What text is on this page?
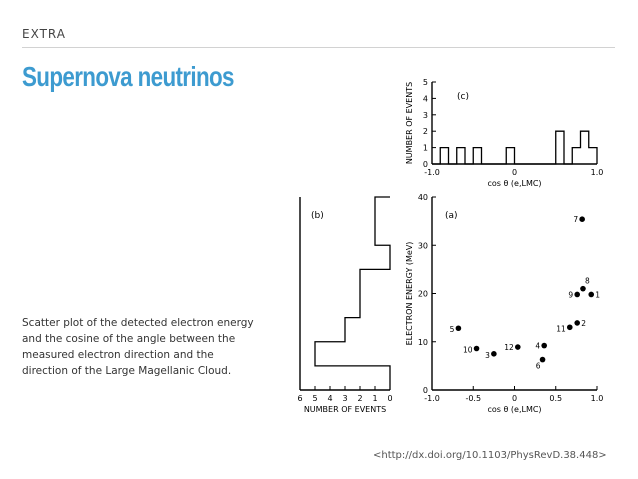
EXTRA
Supernova neutrinos

Scatter plot of the detected electron energy and the cosine of the angle between the measured electron direction and the direction of the Large Magellanic Cloud.

<http://dx.doi.org/10.1103/PhysRevD.38.448>
0
1
2
3
4
5
-1.0	0	1.0
cos θ (e,LMC)
NUMBER OF EVENTS	(c)
6 5 4 3 2 1 0
NUMBER OF EVENTS
(b)
0
10
20
30
40
-1.0	-0.5	0	0.5	1.0
cos θ (e,LMC)
ELECTRON ENERGY (MeV)
(a)
1
2
3
4
5
6
7
8
9
10
11
12
